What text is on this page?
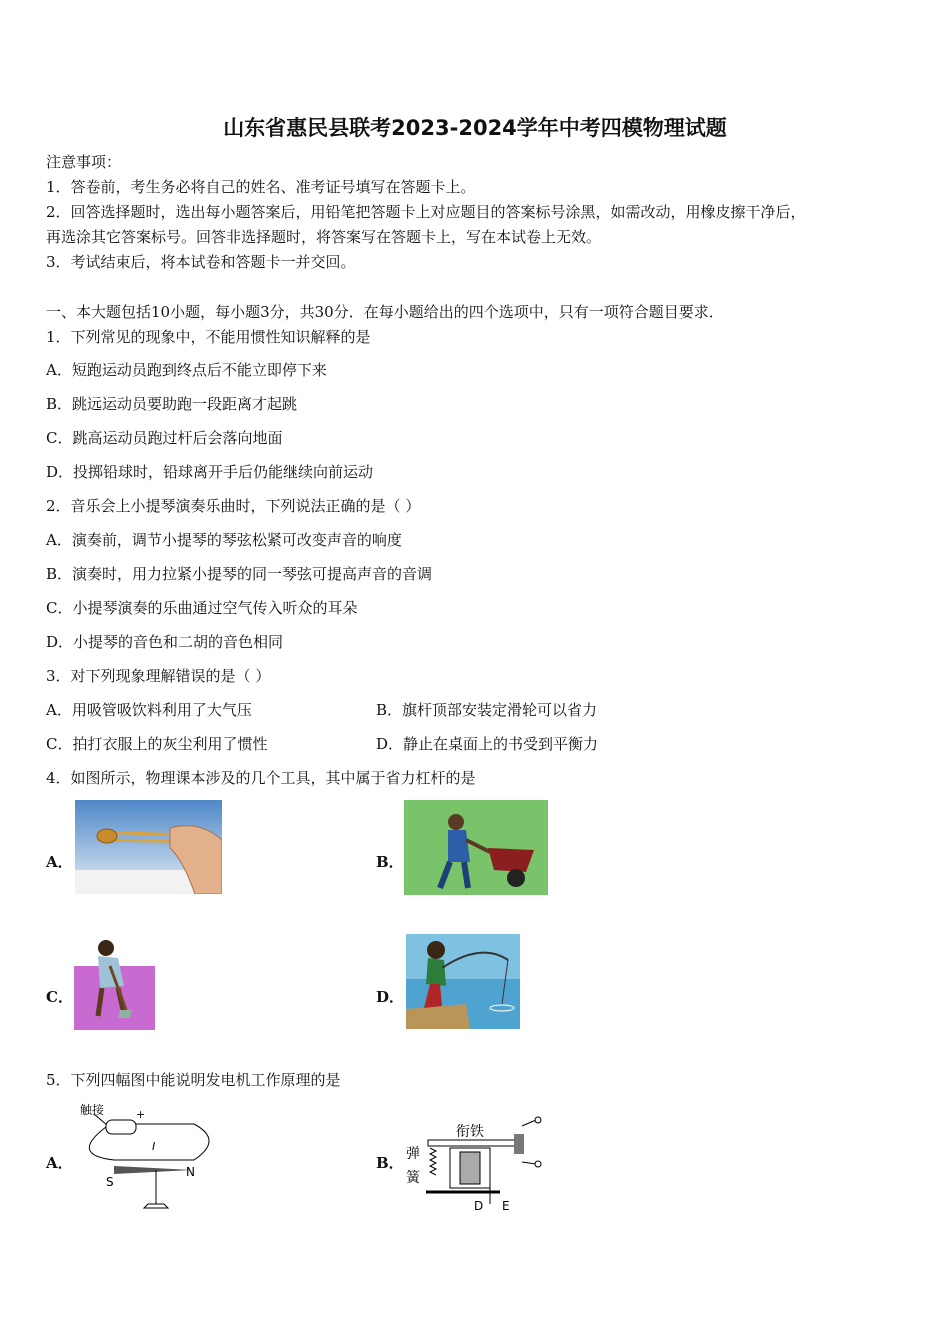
山东省惠民县联考2023-2024学年中考四模物理试题
注意事项：
1．答卷前，考生务必将自己的姓名、准考证号填写在答题卡上。
2．回答选择题时，选出每小题答案后，用铅笔把答题卡上对应题目的答案标号涂黑，如需改动，用橡皮擦干净后，
再选涂其它答案标号。回答非选择题时，将答案写在答题卡上，写在本试卷上无效。
3．考试结束后，将本试卷和答题卡一并交回。
一、本大题包括10小题，每小题3分，共30分．在每小题给出的四个选项中，只有一项符合题目要求．
1．下列常见的现象中，不能用惯性知识解释的是
A．短跑运动员跑到终点后不能立即停下来
B．跳远运动员要助跑一段距离才起跳
C．跳高运动员跑过杆后会落向地面
D．投掷铅球时，铅球离开手后仍能继续向前运动
2．音乐会上小提琴演奏乐曲时，下列说法正确的是（ ）
A．演奏前，调节小提琴的琴弦松紧可改变声音的响度
B．演奏时，用力拉紧小提琴的同一琴弦可提高声音的音调
C．小提琴演奏的乐曲通过空气传入听众的耳朵
D．小提琴的音色和二胡的音色相同
3．对下列现象理解错误的是（ ）
A．用吸管吸饮料利用了大气压	B．旗杆顶部安装定滑轮可以省力
C．拍打衣服上的灰尘利用了惯性	D．静止在桌面上的书受到平衡力
4．如图所示，物理课本涉及的几个工具，其中属于省力杠杆的是
A．	B．
C．	D．
5．下列四幅图中能说明发电机工作原理的是
A．
触接	+
I
S
N	B．
衔铁
弹
簧
D E
